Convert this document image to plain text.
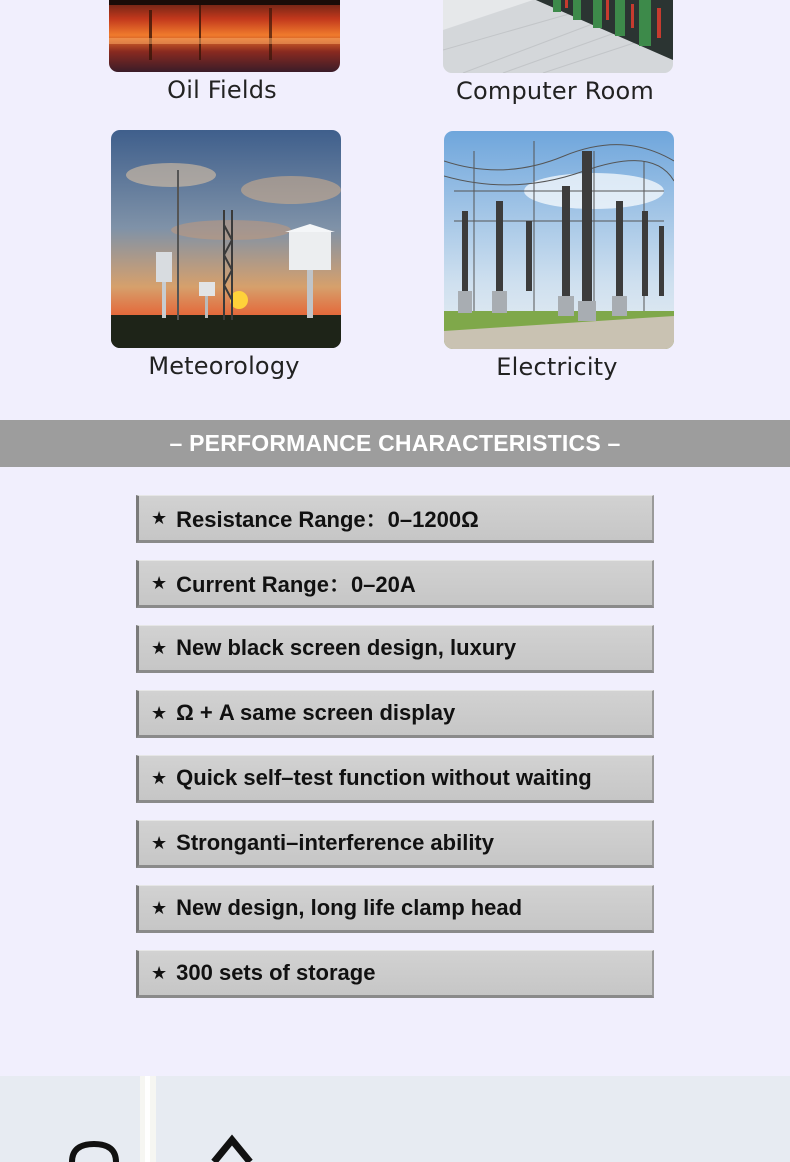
Oil Fields	Computer Room
Meteorology	Electricity
– PERFORMANCE CHARACTERISTICS –
★ Resistance Range：0–1200Ω
★ Current Range：0–20A
★ New black screen design, luxury
★ Ω + A same screen display
★ Quick self–test function without waiting
★ Stronganti–interference ability
★ New design, long life clamp head
★ 300 sets of storage
